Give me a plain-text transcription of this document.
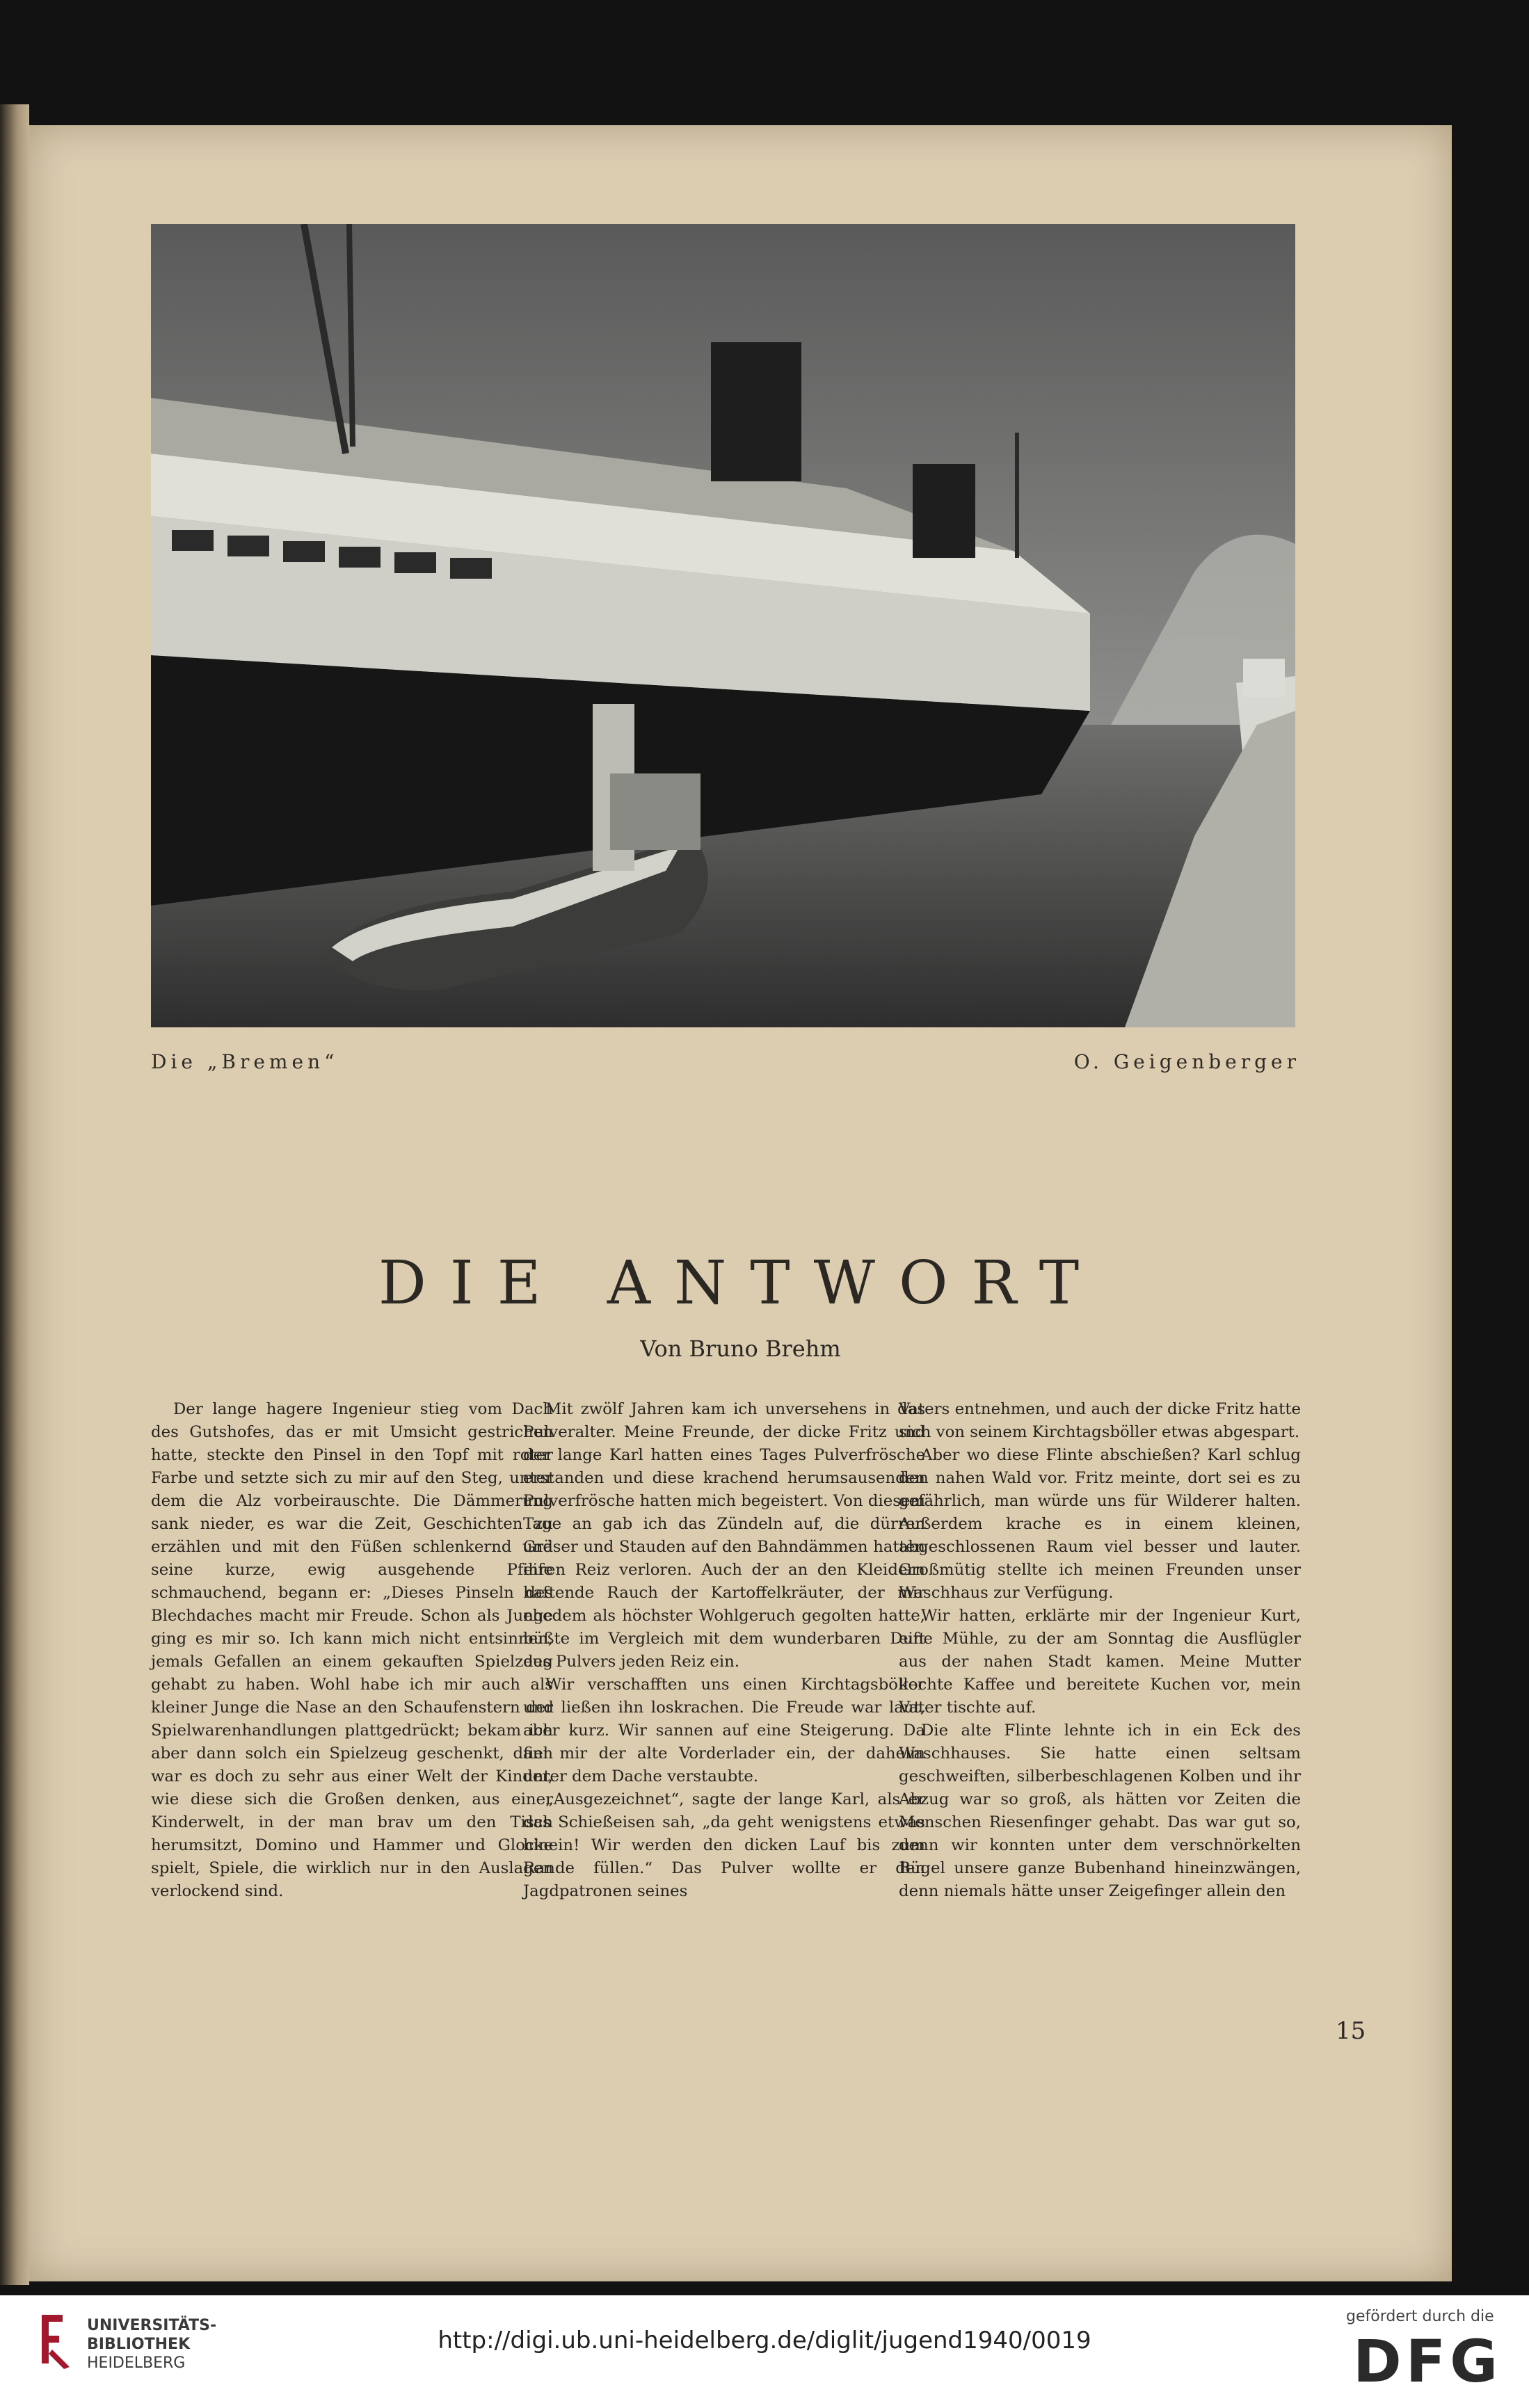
Die „Bremen“	O. Geigenberger
DIE ANTWORT
Von Bruno Brehm

Der lange hagere Ingenieur stieg vom Dach des Gutshofes, das er mit Umsicht gestrichen hatte, steckte den Pinsel in den Topf mit roter Farbe und setzte sich zu mir auf den Steg, unter dem die Alz vorbeirauschte. Die Dämmerung sank nieder, es war die Zeit, Geschichten zu erzählen und mit den Füßen schlenkernd und seine kurze, ewig ausgehende Pfeife schmauchend, begann er: „Dieses Pinseln des Blechdaches macht mir Freude. Schon als Junge ging es mir so. Ich kann mich nicht entsinnen, jemals Gefallen an einem gekauften Spielzeug gehabt zu haben. Wohl habe ich mir auch als kleiner Junge die Nase an den Schaufenstern der Spielwarenhandlungen plattgedrückt; bekam ich aber dann solch ein Spielzeug geschenkt, dann war es doch zu sehr aus einer Welt der Kinder, wie diese sich die Großen denken, aus einer Kinderwelt, in der man brav um den Tisch herumsitzt, Domino und Hammer und Glocke spielt, Spiele, die wirklich nur in den Auslagen verlockend sind.

Mit zwölf Jahren kam ich unversehens in das Pulveralter. Meine Freunde, der dicke Fritz und der lange Karl hatten eines Tages Pulverfrösche erstanden und diese krachend herumsausenden Pulverfrösche hatten mich begeistert. Von diesem Tage an gab ich das Zündeln auf, die dürren Gräser und Stauden auf den Bahndämmen hatten ihren Reiz verloren. Auch der an den Kleidern haftende Rauch der Kartoffelkräuter, der mir ehedem als höchster Wohlgeruch gegolten hatte, büßte im Vergleich mit dem wunderbaren Duft des Pulvers jeden Reiz ein.

Wir verschafften uns einen Kirchtagsböller und ließen ihn loskrachen. Die Freude war laut, aber kurz. Wir sannen auf eine Steigerung. Da fiel mir der alte Vorderlader ein, der daheim unter dem Dache verstaubte.

„Ausgezeichnet“, sagte der lange Karl, als er das Schießeisen sah, „da geht wenigstens etwas hinein! Wir werden den dicken Lauf bis zum Rande füllen.“ Das Pulver wollte er den Jagdpatronen seines

Vaters entnehmen, und auch der dicke Fritz hatte sich von seinem Kirchtagsböller etwas abgespart.

Aber wo diese Flinte abschießen? Karl schlug den nahen Wald vor. Fritz meinte, dort sei es zu gefährlich, man würde uns für Wilderer halten. Außerdem krache es in einem kleinen, abgeschlossenen Raum viel besser und lauter. Großmütig stellte ich meinen Freunden unser Waschhaus zur Verfügung.

Wir hatten, erklärte mir der Ingenieur Kurt, eine Mühle, zu der am Sonntag die Ausflügler aus der nahen Stadt kamen. Meine Mutter kochte Kaffee und bereitete Kuchen vor, mein Vater tischte auf.

Die alte Flinte lehnte ich in ein Eck des Waschhauses. Sie hatte einen seltsam geschweiften, silberbeschlagenen Kolben und ihr Abzug war so groß, als hätten vor Zeiten die Menschen Riesenfinger gehabt. Das war gut so, denn wir konnten unter dem verschnörkelten Bügel unsere ganze Bubenhand hineinzwängen, denn niemals hätte unser Zeigefinger allein den

15
UNIVERSITÄTS-
BIBLIOTHEK
HEIDELBERG
http://digi.ub.uni-heidelberg.de/diglit/jugend1940/0019
gefördert durch die
DFG
